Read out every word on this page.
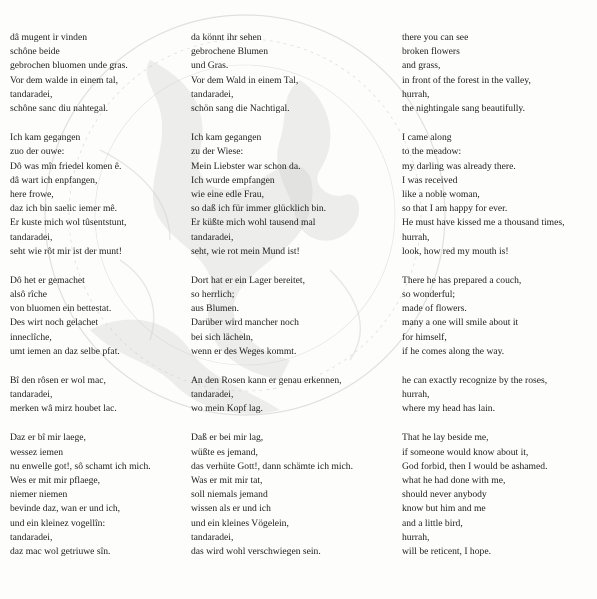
dâ mugent ir vinden
schône beide
gebrochen bluomen unde gras.
Vor dem walde in einem tal,
tandaradei,
schône sanc diu nahtegal.
Ich kam gegangen
zuo der ouwe:
Dô was mîn friedel komen ê.
dâ wart ich enpfangen,
here frowe,
daz ich bin saelic iemer mê.
Er kuste mich wol tûsentstunt,
tandaradei,
seht wie rôt mir ist der munt!
Dô het er gemachet
alsô rîche
von bluomen ein bettestat.
Des wirt noch gelachet
inneclîche,
umt iemen an daz selbe pfat.
Bî den rôsen er wol mac,
tandaradei,
merken wâ mirz houbet lac.
Daz er bî mir laege,
wessez iemen
nu enwelle got!, sô schamt ich mich.
Wes er mit mir pflaege,
niemer niemen
bevinde daz, wan er und ich,
und ein kleinez vogellîn:
tandaradei,
daz mac wol getriuwe sîn.
da könnt ihr sehen
gebrochene Blumen
und Gras.
Vor dem Wald in einem Tal,
tandaradei,
schön sang die Nachtigal.
Ich kam gegangen
zu der Wiese:
Mein Liebster war schon da.
Ich wurde empfangen
wie eine edle Frau,
so daß ich für immer glücklich bin.
Er küßte mich wohl tausend mal
tandaradei,
seht, wie rot mein Mund ist!
Dort hat er ein Lager bereitet,
so herrlich;
aus Blumen.
Darüber wird mancher noch
bei sich lächeln,
wenn er des Weges kommt.
An den Rosen kann er genau erkennen,
tandaradei,
wo mein Kopf lag.
Daß er bei mir lag,
wüßte es jemand,
das verhüte Gott!, dann schämte ich mich.
Was er mit mir tat,
soll niemals jemand
wissen als er und ich
und ein kleines Vögelein,
tandaradei,
das wird wohl verschwiegen sein.
there you can see
broken flowers
and grass,
in front of the forest in the valley,
hurrah,
the nightingale sang beautifully.
I came along
to the meadow:
my darling was already there.
I was received
like a noble woman,
so that I am happy for ever.
He must have kissed me a thousand times,
hurrah,
look, how red my mouth is!
There he has prepared a couch,
so wonderful;
made of flowers.
many a one will smile about it
for himself,
if he comes along the way.
he can exactly recognize by the roses,
hurrah,
where my head has lain.
That he lay beside me,
if someone would know about it,
God forbid, then I would be ashamed.
what he had done with me,
should never anybody
know but him and me
and a little bird,
hurrah,
will be reticent, I hope.
